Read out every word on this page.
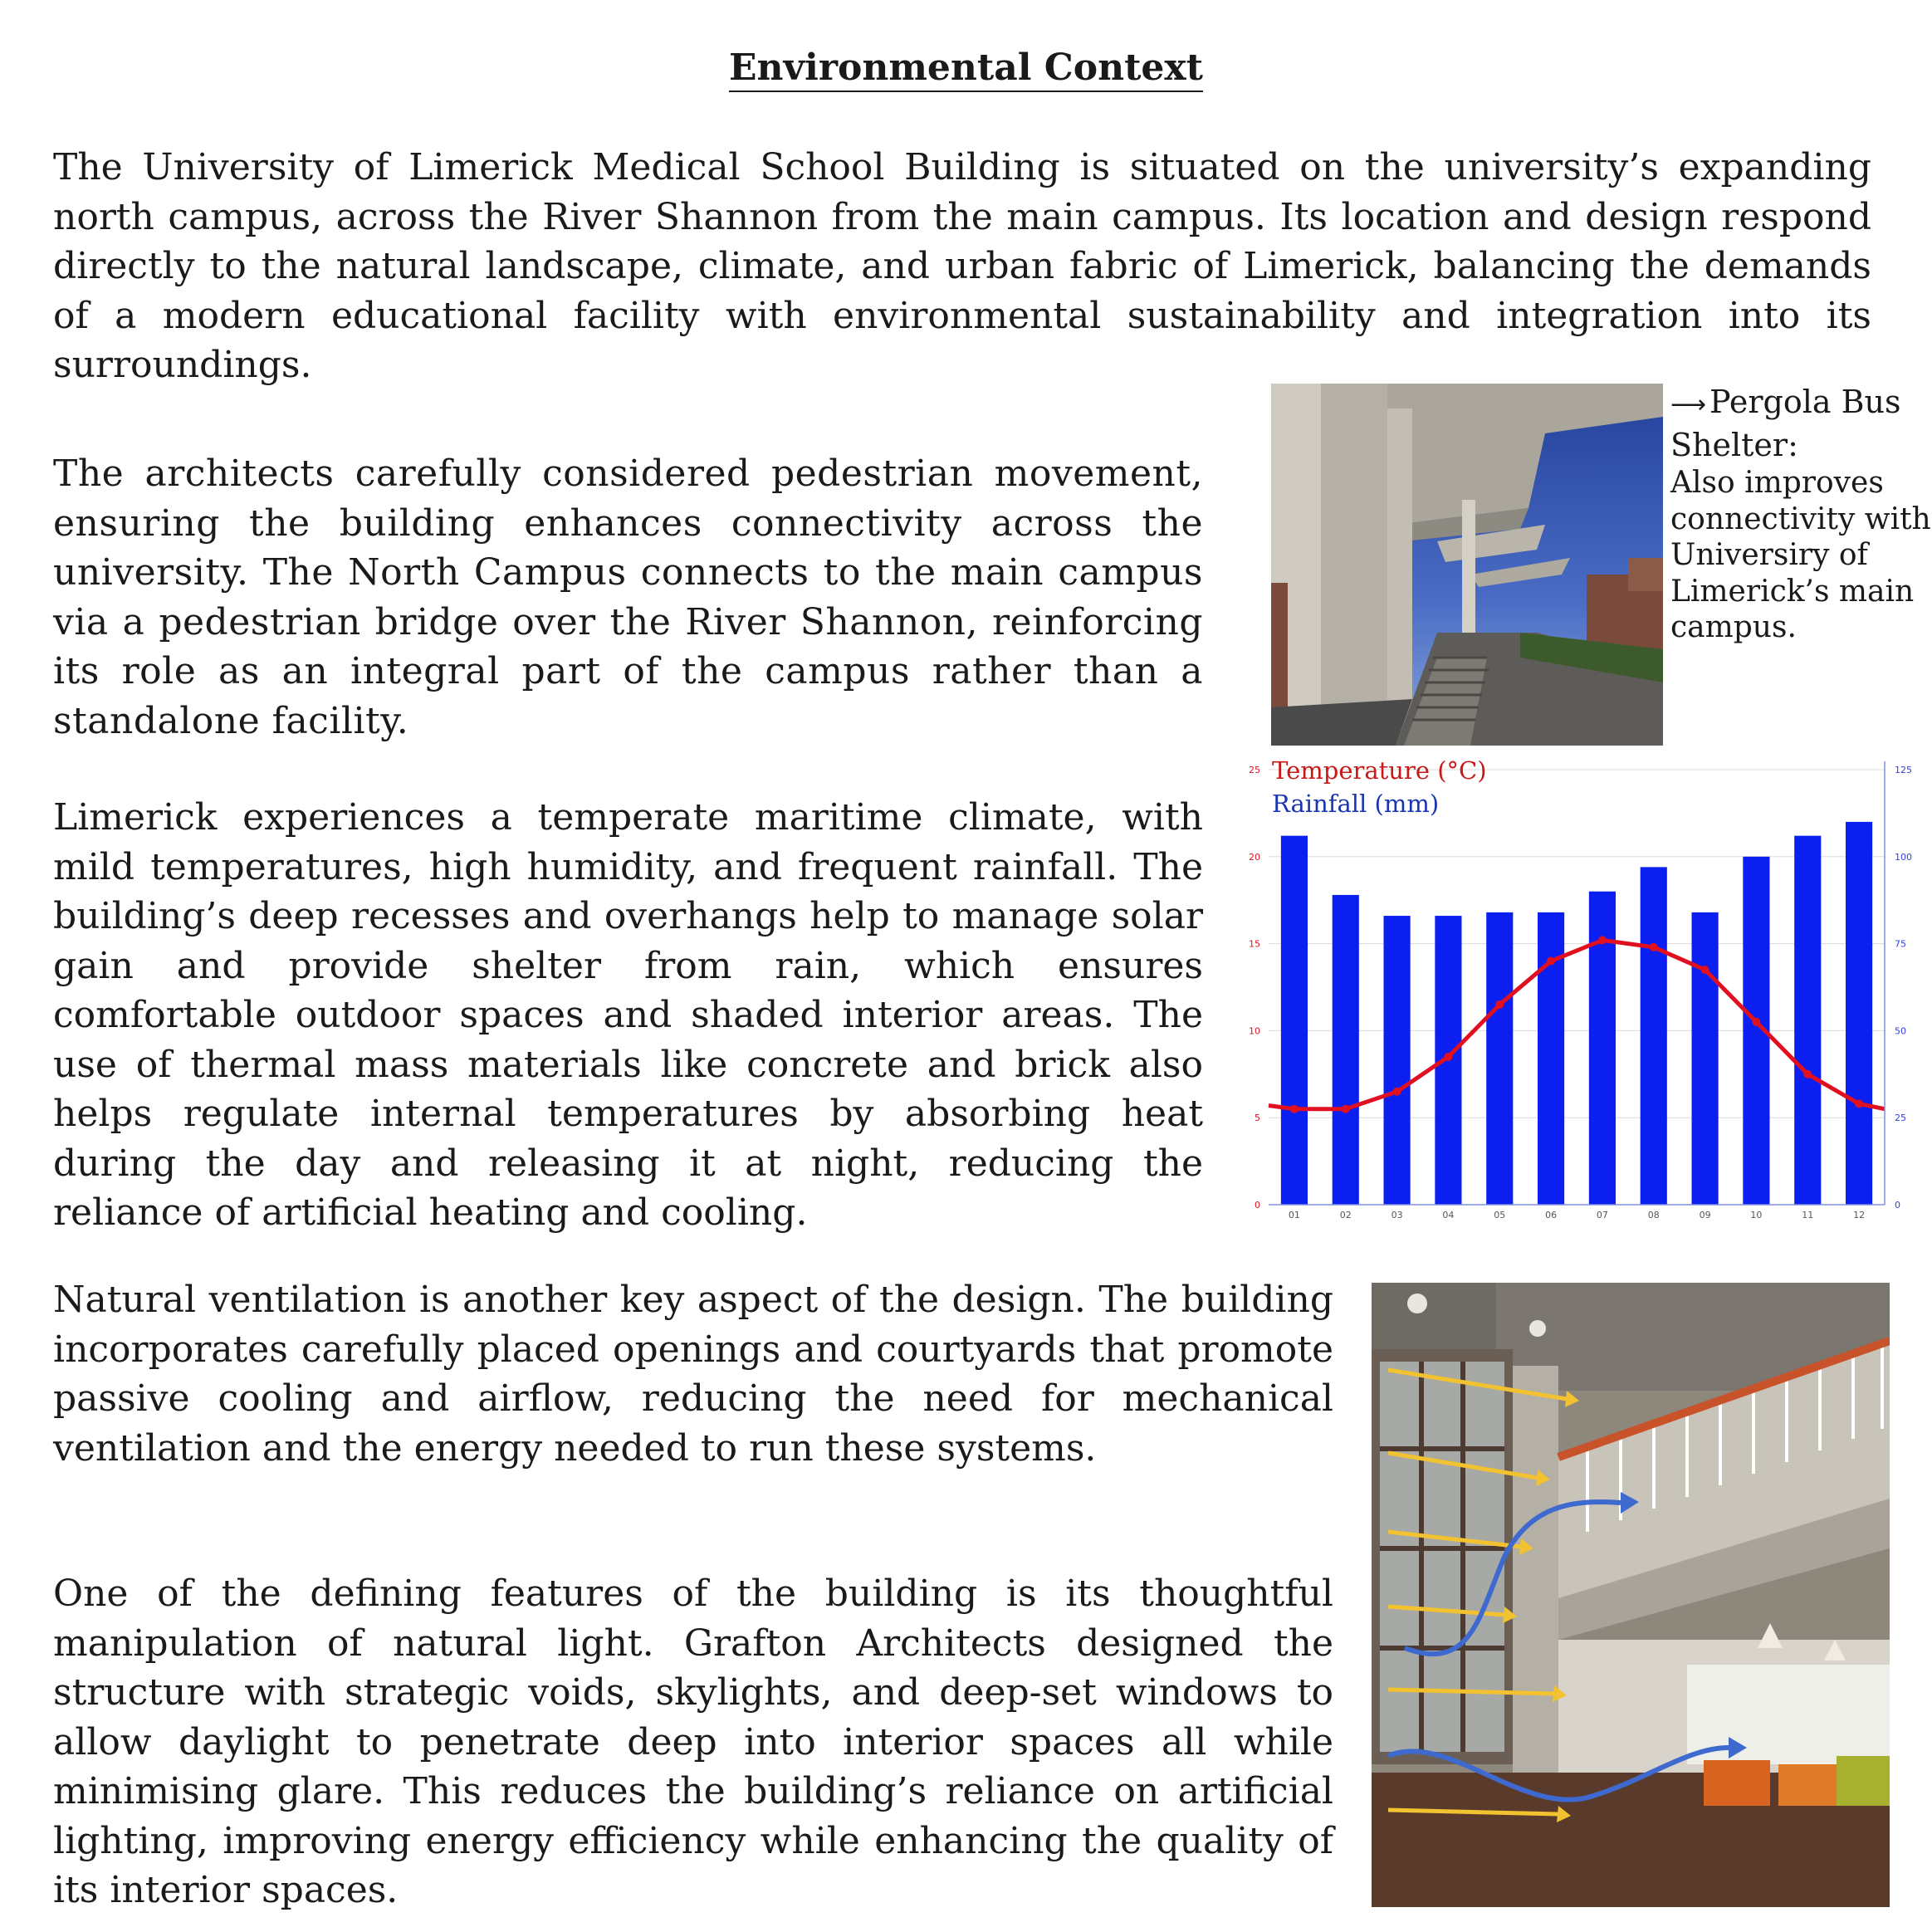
Environmental Context

The University of Limerick Medical School Building is situated on the university’s expanding north campus, across the River Shannon from the main campus. Its location and design respond directly to the natural landscape, climate, and urban fabric of Limerick, balancing the demands of a modern educational facility with environmental sustainability and integration into its surroundings.

The architects carefully considered pedestrian movement, ensuring the building enhances connectivity across the university. The North Campus connects to the main campus via a pedestrian bridge over the River Shannon, reinforcing its role as an integral part of the campus rather than a standalone facility.

Limerick experiences a temperate maritime climate, with mild temperatures, high humidity, and frequent rainfall. The building’s deep recesses and overhangs help to manage solar gain and provide shelter from rain, which ensures comfortable outdoor spaces and shaded interior areas. The use of thermal mass materials like concrete and brick also helps regulate internal temperatures by absorbing heat during the day and releasing it at night, reducing the reliance of artificial heating and cooling.

Natural ventilation is another key aspect of the design. The building incorporates carefully placed openings and courtyards that promote passive cooling and airflow, reducing the need for mechanical ventilation and the energy needed to run these systems.

One of the defining features of the building is its thoughtful manipulation of natural light. Grafton Architects designed the structure with strategic voids, skylights, and deep-set windows to allow daylight to penetrate deep into interior spaces all while minimising glare. This reduces the building’s reliance on artificial lighting, improving energy efficiency while enhancing the quality of its interior spaces.

⟶ Pergola Bus Shelter:
Also improves connectivity with Universiry of Limerick’s main campus.
0
5
10
15
20
25
0
25
50
75
100
125
01	02	03	04	05	06	07	08	09	10	11	12
Temperature (°C)
Rainfall (mm)
